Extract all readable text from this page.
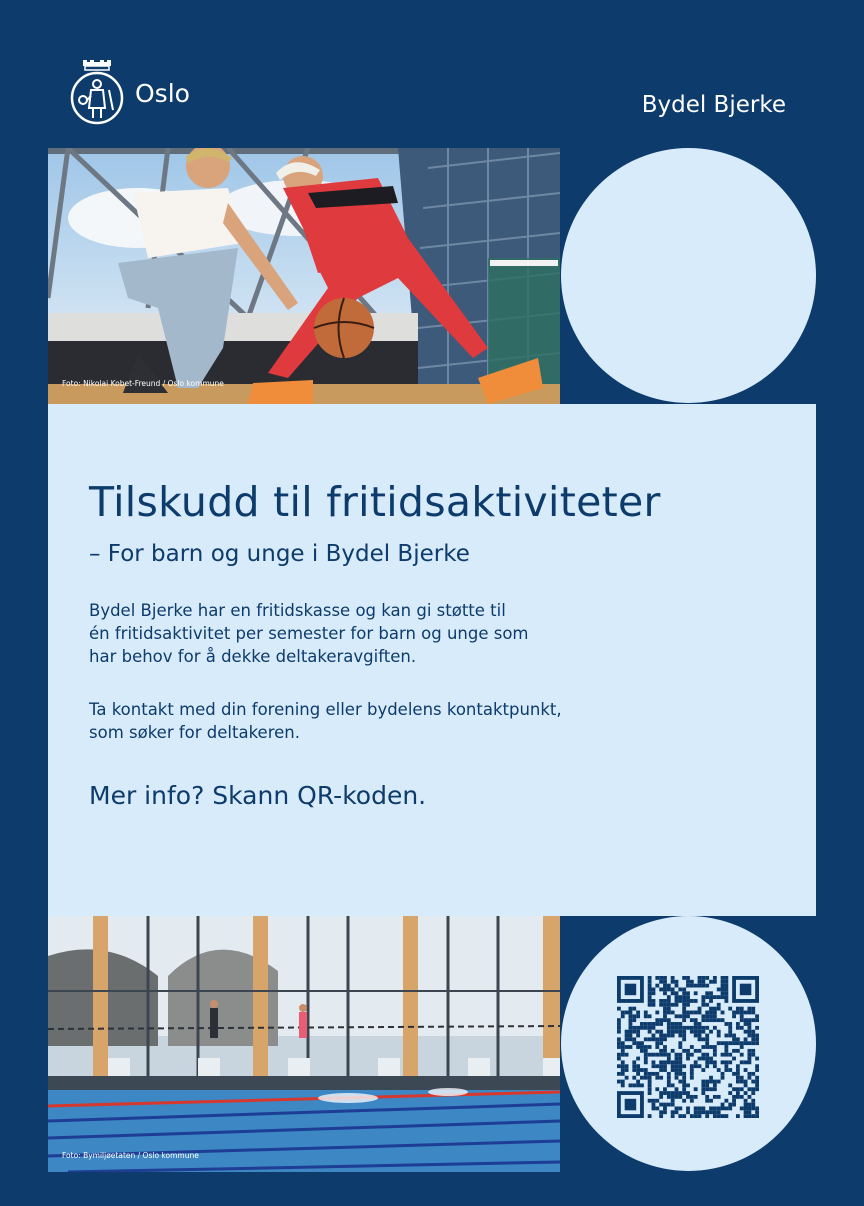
Oslo	Bydel Bjerke
Foto: Nikolai Kobet-Freund / Oslo kommune
Tilskudd til fritidsaktiviteter
– For barn og unge i Bydel Bjerke

Bydel Bjerke har en fritidskasse og kan gi støtte til
én fritidsaktivitet per semester for barn og unge som
har behov for å dekke deltakeravgiften.

Ta kontakt med din forening eller bydelens kontaktpunkt,
som søker for deltakeren.

Mer info? Skann QR-koden.
Foto: Bymiljøetaten / Oslo kommune
